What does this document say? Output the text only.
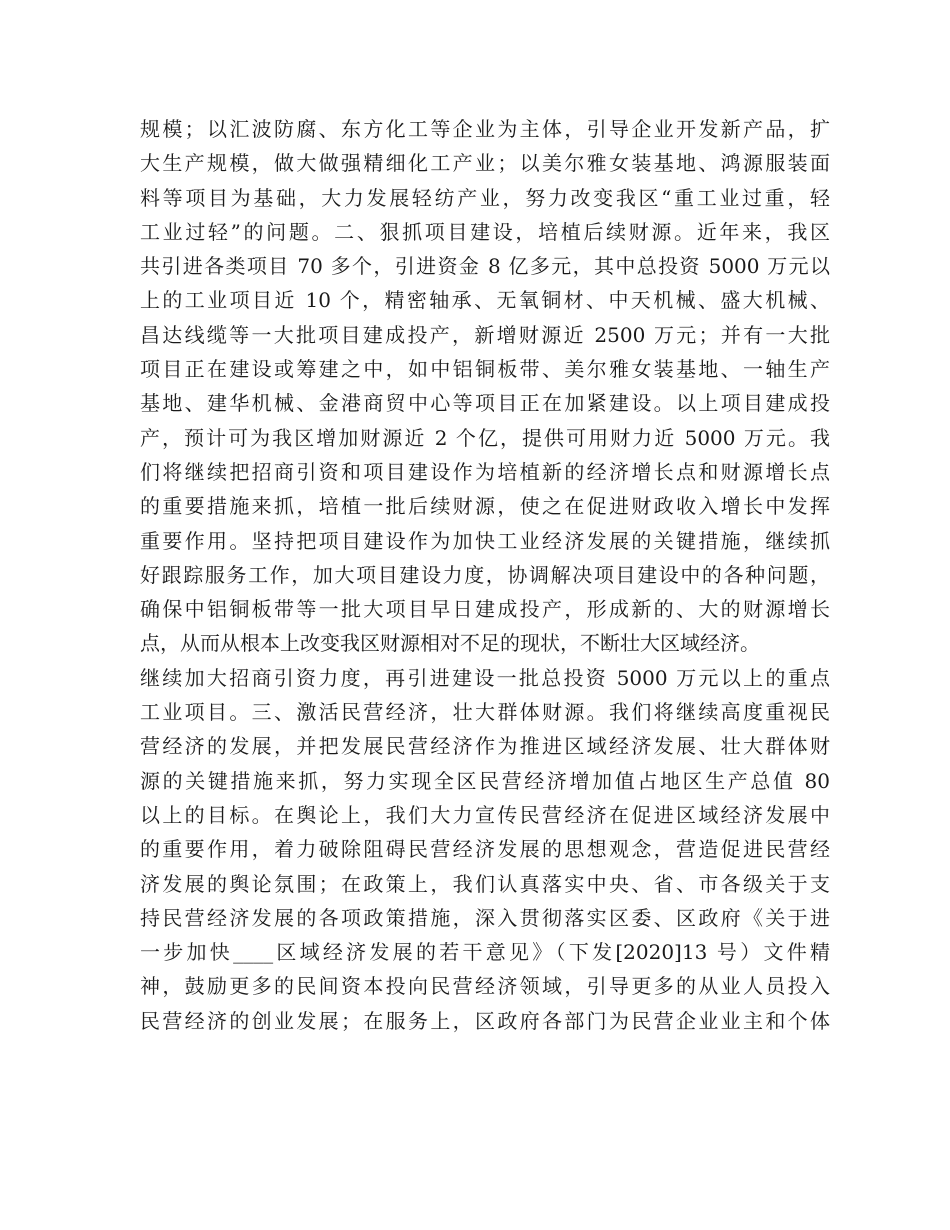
规模；以汇波防腐、东方化工等企业为主体，引导企业开发新产品，扩
大生产规模，做大做强精细化工产业；以美尔雅女装基地、鸿源服装面
料等项目为基础，大力发展轻纺产业，努力改变我区“重工业过重，轻
工业过轻”的问题。二、狠抓项目建设，培植后续财源。近年来，我区
共引进各类项目 70 多个，引进资金 8 亿多元，其中总投资 5000 万元以
上的工业项目近 10 个，精密轴承、无氧铜材、中天机械、盛大机械、
昌达线缆等一大批项目建成投产，新增财源近 2500 万元；并有一大批
项目正在建设或筹建之中，如中铝铜板带、美尔雅女装基地、一轴生产
基地、建华机械、金港商贸中心等项目正在加紧建设。以上项目建成投
产，预计可为我区增加财源近 2 个亿，提供可用财力近 5000 万元。我
们将继续把招商引资和项目建设作为培植新的经济增长点和财源增长点
的重要措施来抓，培植一批后续财源，使之在促进财政收入增长中发挥
重要作用。坚持把项目建设作为加快工业经济发展的关键措施，继续抓
好跟踪服务工作，加大项目建设力度，协调解决项目建设中的各种问题，
确保中铝铜板带等一批大项目早日建成投产，形成新的、大的财源增长
点，从而从根本上改变我区财源相对不足的现状，不断壮大区域经济。
继续加大招商引资力度，再引进建设一批总投资 5000 万元以上的重点
工业项目。三、激活民营经济，壮大群体财源。我们将继续高度重视民
营经济的发展，并把发展民营经济作为推进区域经济发展、壮大群体财
源的关键措施来抓，努力实现全区民营经济增加值占地区生产总值 80
以上的目标。在舆论上，我们大力宣传民营经济在促进区域经济发展中
的重要作用，着力破除阻碍民营经济发展的思想观念，营造促进民营经
济发展的舆论氛围；在政策上，我们认真落实中央、省、市各级关于支
持民营经济发展的各项政策措施，深入贯彻落实区委、区政府《关于进
一步加快____区域经济发展的若干意见》（下发[2020]13 号）文件精
神，鼓励更多的民间资本投向民营经济领域，引导更多的从业人员投入
民营经济的创业发展；在服务上，区政府各部门为民营企业业主和个体
